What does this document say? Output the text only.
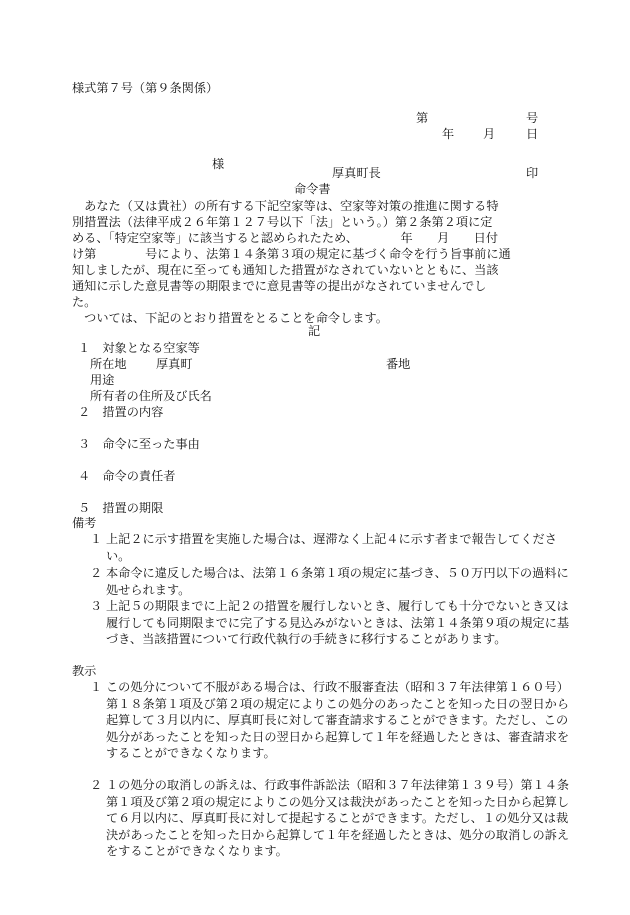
様式第７号（第９条関係）
第	号
年 月	日
様
厚真町長	印
命令書
　あなた（又は貴社）の所有する下記空家等は、空家等対策の推進に関する特
別措置法（法律平成２６年第１２７号以下「法」という。）第２条第２項に定
める、「特定空家等」に該当すると認められたため、　　　　年　　月　　日付
け第　　　　号により、法第１４条第３項の規定に基づく命令を行う旨事前に通
知しましたが、現在に至っても通知した措置がなされていないとともに、当該
通知に示した意見書等の期限までに意見書等の提出がなされていませんでし
た。
　ついては、下記のとおり措置をとることを命令します。
記
１　対象となる空家等
所在地 厚真町	番地
用途
所有者の住所及び氏名
２　措置の内容
３　命令に至った事由
４　命令の責任者
５　措置の期限
備考
１ 上記２に示す措置を実施した場合は、遅滞なく上記４に示す者まで報告してください。
２ 本命令に違反した場合は、法第１６条第１項の規定に基づき、５０万円以下の過料に処せられます。
３ 上記５の期限までに上記２の措置を履行しないとき、履行しても十分でないとき又は履行しても同期限までに完了する見込みがないときは、法第１４条第９項の規定に基づき、当該措置について行政代執行の手続きに移行することがあります。
教示
１ この処分について不服がある場合は、行政不服審査法（昭和３７年法律第１６０号）第１８条第１項及び第２項の規定によりこの処分のあったことを知った日の翌日から起算して３月以内に、厚真町長に対して審査請求することができます。ただし、この処分があったことを知った日の翌日から起算して１年を経過したときは、審査請求をすることができなくなります。
２ １の処分の取消しの訴えは、行政事件訴訟法（昭和３７年法律第１３９号）第１４条第１項及び第２項の規定によりこの処分又は裁決があったことを知った日から起算して６月以内に、厚真町長に対して提起することができます。ただし、１の処分又は裁決があったことを知った日から起算して１年を経過したときは、処分の取消しの訴えをすることができなくなります。
